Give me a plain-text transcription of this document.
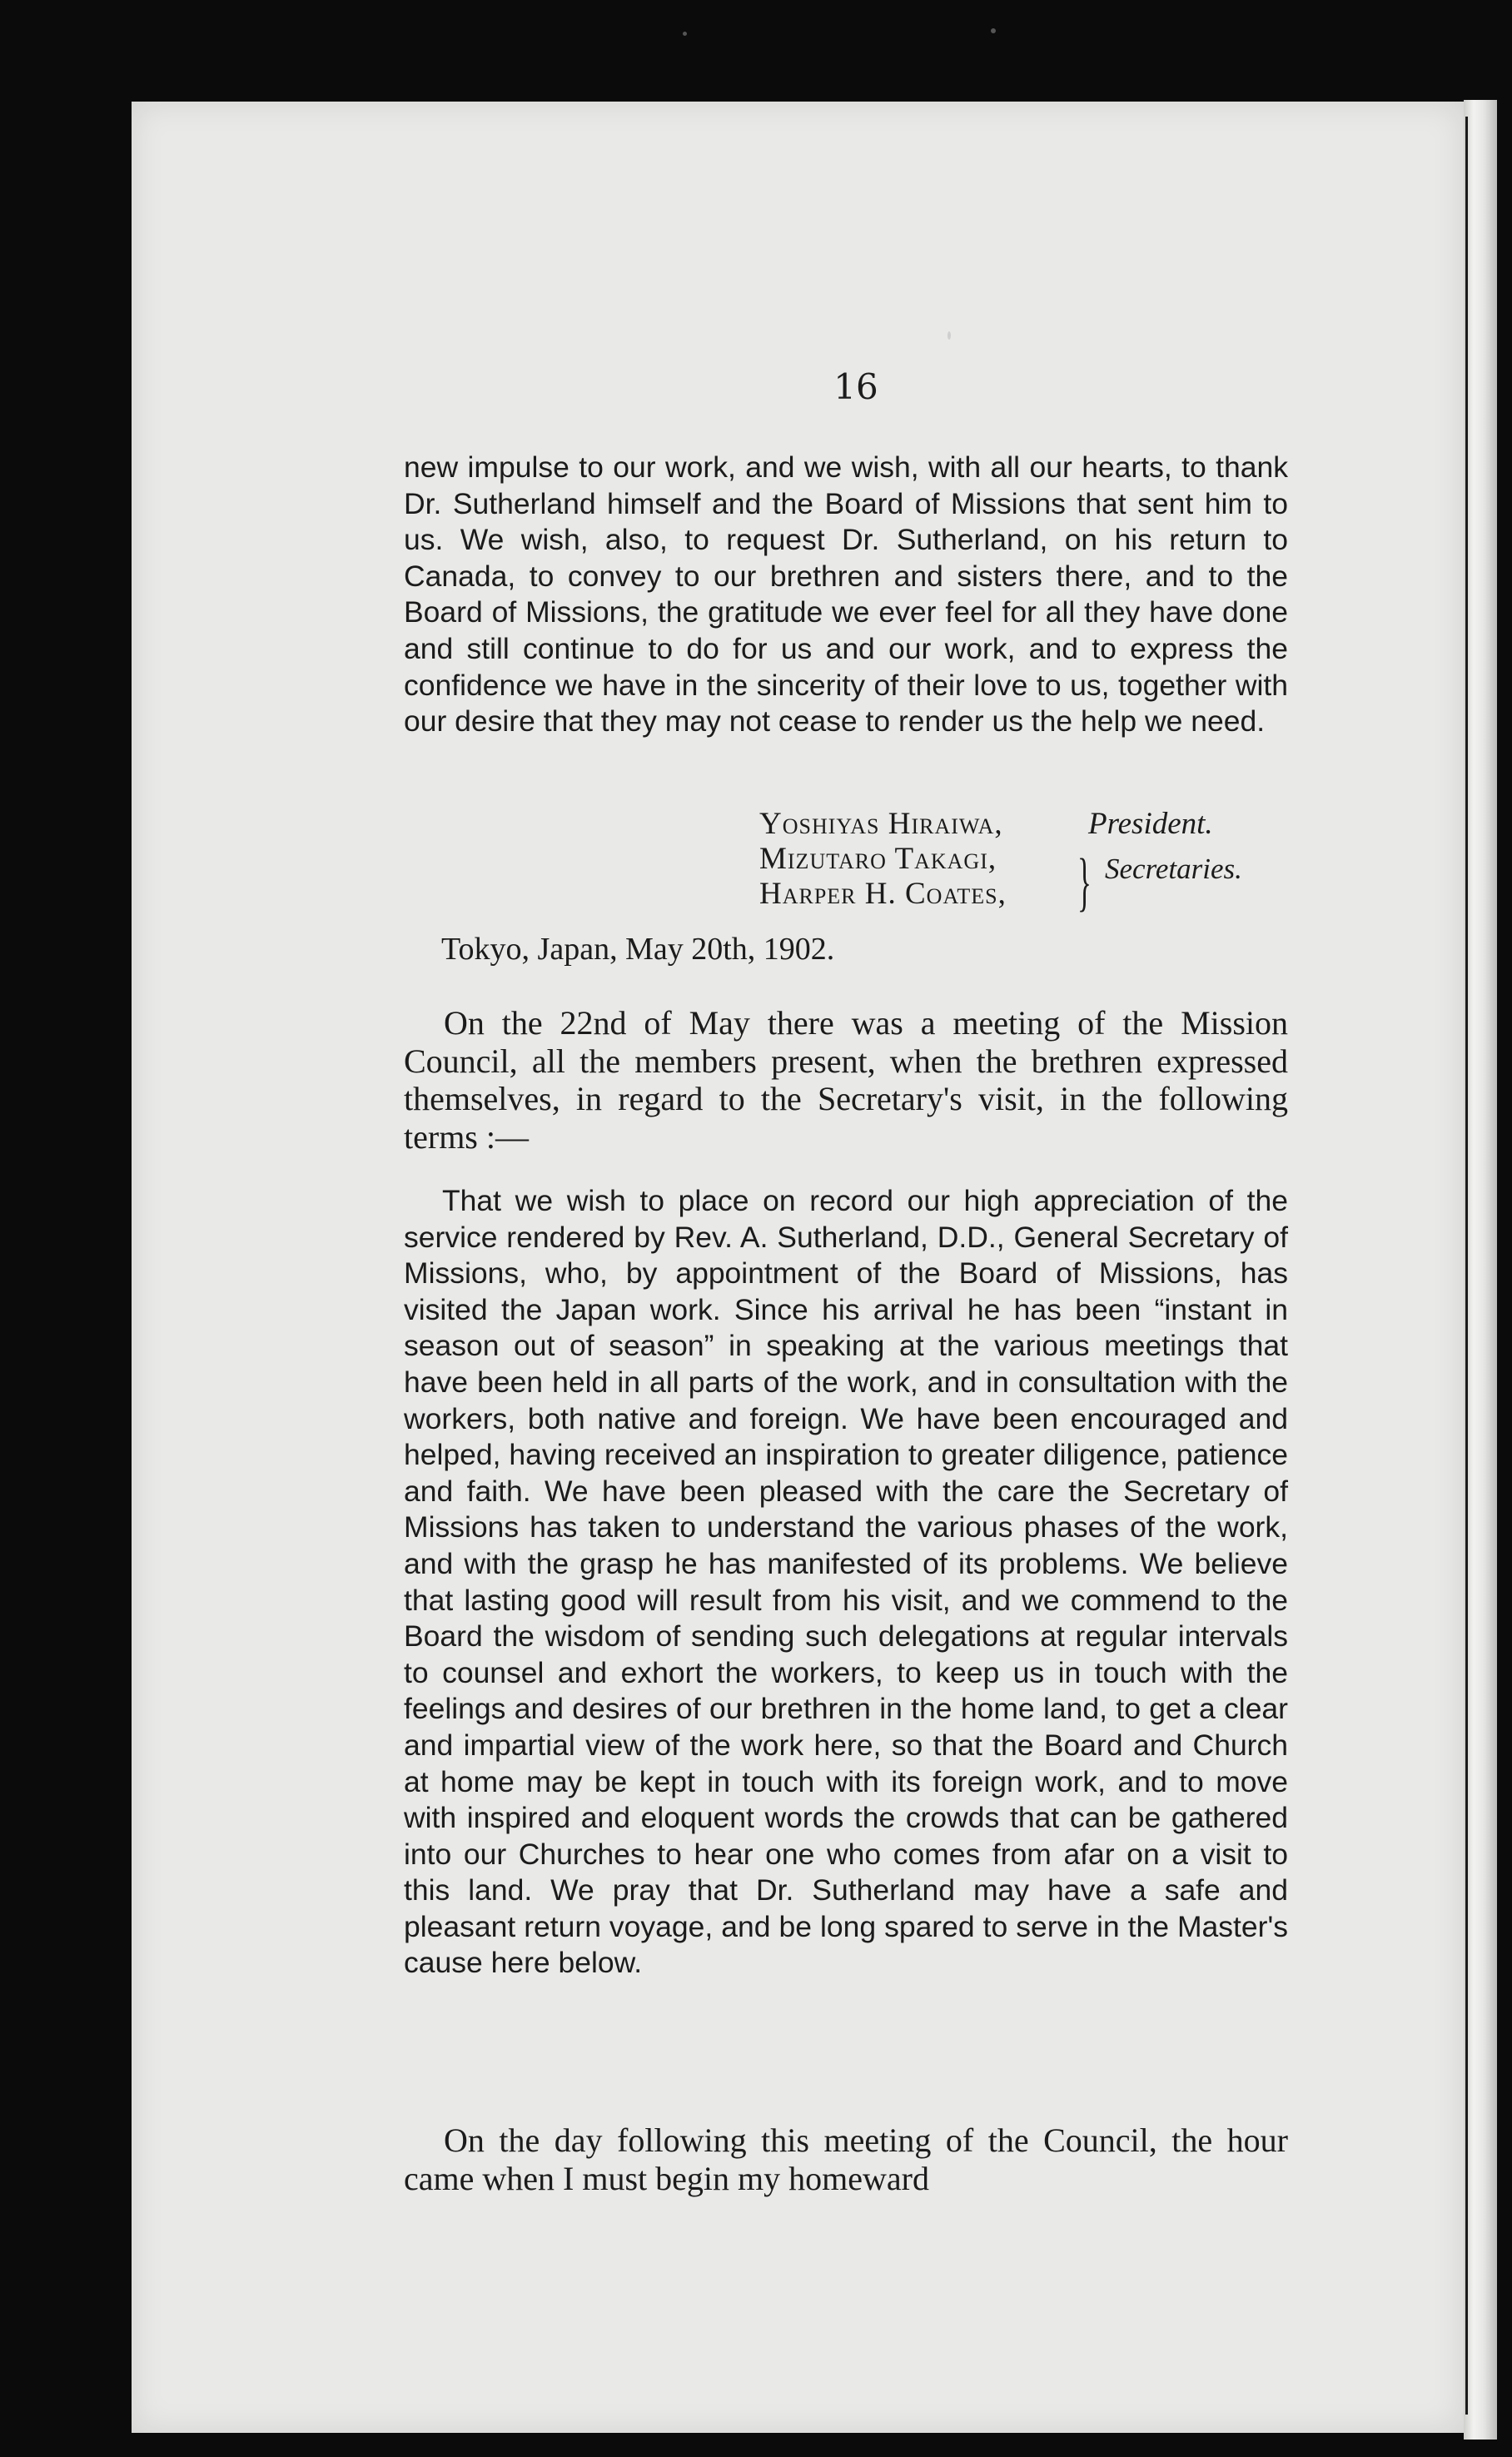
16
new impulse to our work, and we wish, with all our hearts, to thank Dr. Sutherland himself and the Board of Missions that sent him to us. We wish, also, to request Dr. Sutherland, on his return to Canada, to convey to our brethren and sisters there, and to the Board of Missions, the gratitude we ever feel for all they have done and still continue to do for us and our work, and to express the confidence we have in the sincerity of their love to us, together with our desire that they may not cease to render us the help we need.
Yoshiyas Hiraiwa,	President.
Mizutaro Takagi,
Harper H. Coates,	} Secretaries.
Tokyo, Japan, May 20th, 1902.
On the 22nd of May there was a meeting of the Mission Council, all the members present, when the brethren expressed themselves, in regard to the Secretary's visit, in the following terms :—
That we wish to place on record our high appreciation of the service rendered by Rev. A. Sutherland, D.D., General Secretary of Missions, who, by appointment of the Board of Missions, has visited the Japan work. Since his arrival he has been “instant in season out of season” in speaking at the various meetings that have been held in all parts of the work, and in consultation with the workers, both native and foreign. We have been encouraged and helped, having received an inspiration to greater diligence, patience and faith. We have been pleased with the care the Secretary of Missions has taken to understand the various phases of the work, and with the grasp he has manifested of its problems. We believe that lasting good will result from his visit, and we commend to the Board the wisdom of sending such delegations at regular intervals to counsel and exhort the workers, to keep us in touch with the feelings and desires of our brethren in the home land, to get a clear and impartial view of the work here, so that the Board and Church at home may be kept in touch with its foreign work, and to move with inspired and eloquent words the crowds that can be gathered into our Churches to hear one who comes from afar on a visit to this land. We pray that Dr. Sutherland may have a safe and pleasant return voyage, and be long spared to serve in the Master's cause here below.
On the day following this meeting of the Council, the hour came when I must begin my homeward
